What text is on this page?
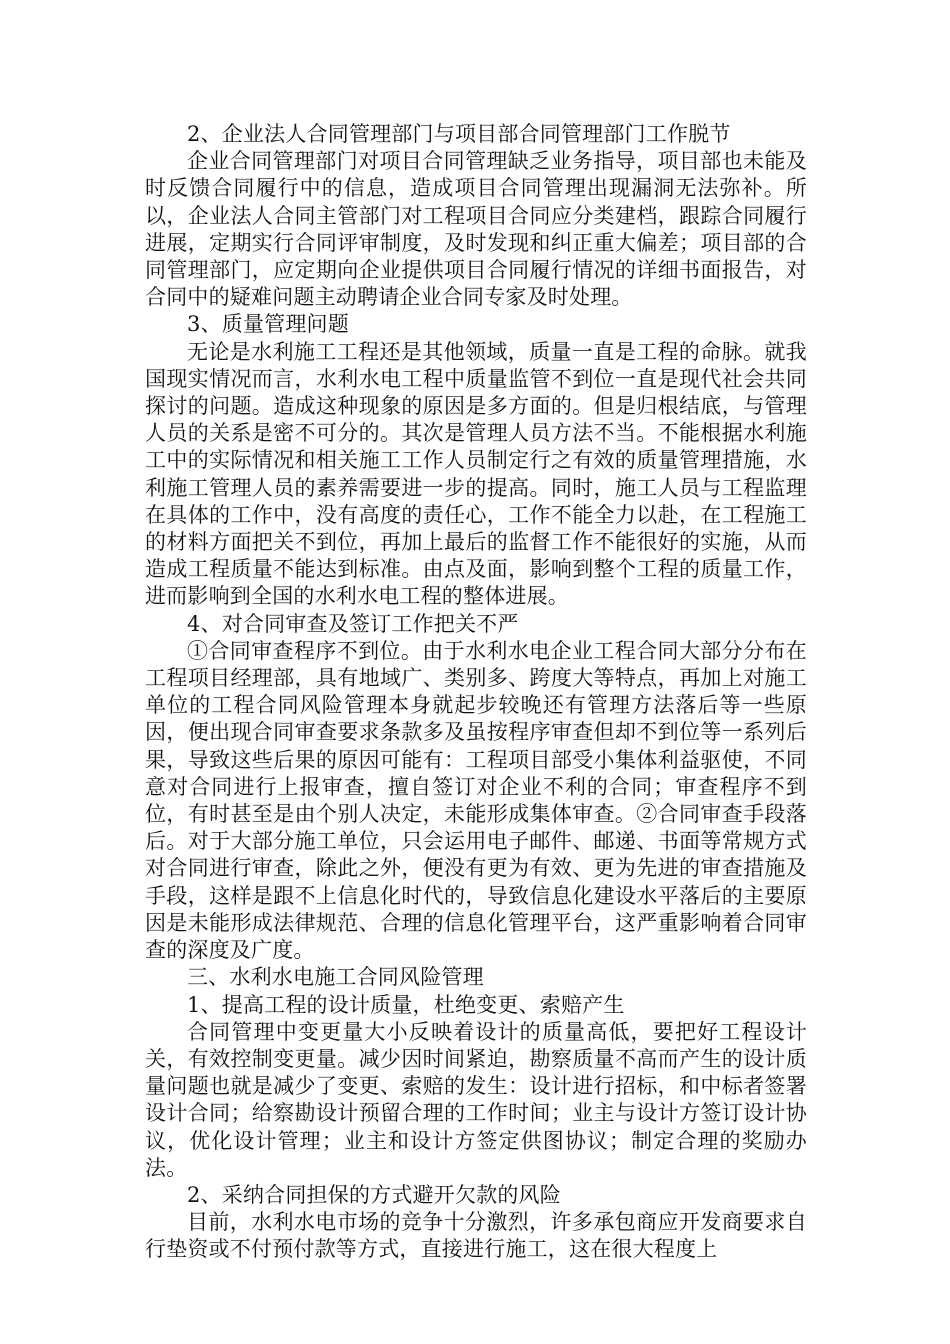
2、企业法人合同管理部门与项目部合同管理部门工作脱节

企业合同管理部门对项目合同管理缺乏业务指导，项目部也未能及时反馈合同履行中的信息，造成项目合同管理出现漏洞无法弥补。所以，企业法人合同主管部门对工程项目合同应分类建档，跟踪合同履行进展，定期实行合同评审制度，及时发现和纠正重大偏差；项目部的合同管理部门，应定期向企业提供项目合同履行情况的详细书面报告，对合同中的疑难问题主动聘请企业合同专家及时处理。

3、质量管理问题

无论是水利施工工程还是其他领域，质量一直是工程的命脉。就我国现实情况而言，水利水电工程中质量监管不到位一直是现代社会共同探讨的问题。造成这种现象的原因是多方面的。但是归根结底，与管理人员的关系是密不可分的。其次是管理人员方法不当。不能根据水利施工中的实际情况和相关施工工作人员制定行之有效的质量管理措施，水利施工管理人员的素养需要进一步的提高。同时，施工人员与工程监理在具体的工作中，没有高度的责任心，工作不能全力以赴，在工程施工的材料方面把关不到位，再加上最后的监督工作不能很好的实施，从而造成工程质量不能达到标准。由点及面，影响到整个工程的质量工作，进而影响到全国的水利水电工程的整体进展。

4、对合同审查及签订工作把关不严

①合同审查程序不到位。由于水利水电企业工程合同大部分分布在工程项目经理部，具有地域广、类别多、跨度大等特点，再加上对施工单位的工程合同风险管理本身就起步较晚还有管理方法落后等一些原因，便出现合同审查要求条款多及虽按程序审查但却不到位等一系列后果，导致这些后果的原因可能有：工程项目部受小集体利益驱使，不同意对合同进行上报审查，擅自签订对企业不利的合同；审查程序不到位，有时甚至是由个别人决定，未能形成集体审查。②合同审查手段落后。对于大部分施工单位，只会运用电子邮件、邮递、书面等常规方式对合同进行审查，除此之外，便没有更为有效、更为先进的审查措施及手段，这样是跟不上信息化时代的，导致信息化建设水平落后的主要原因是未能形成法律规范、合理的信息化管理平台，这严重影响着合同审查的深度及广度。

三、水利水电施工合同风险管理

1、提高工程的设计质量，杜绝变更、索赔产生

合同管理中变更量大小反映着设计的质量高低，要把好工程设计关，有效控制变更量。减少因时间紧迫，勘察质量不高而产生的设计质量问题也就是减少了变更、索赔的发生：设计进行招标，和中标者签署设计合同；给察勘设计预留合理的工作时间；业主与设计方签订设计协议，优化设计管理；业主和设计方签定供图协议；制定合理的奖励办法。

2、采纳合同担保的方式避开欠款的风险

目前，水利水电市场的竞争十分激烈，许多承包商应开发商要求自行垫资或不付预付款等方式，直接进行施工，这在很大程度上
